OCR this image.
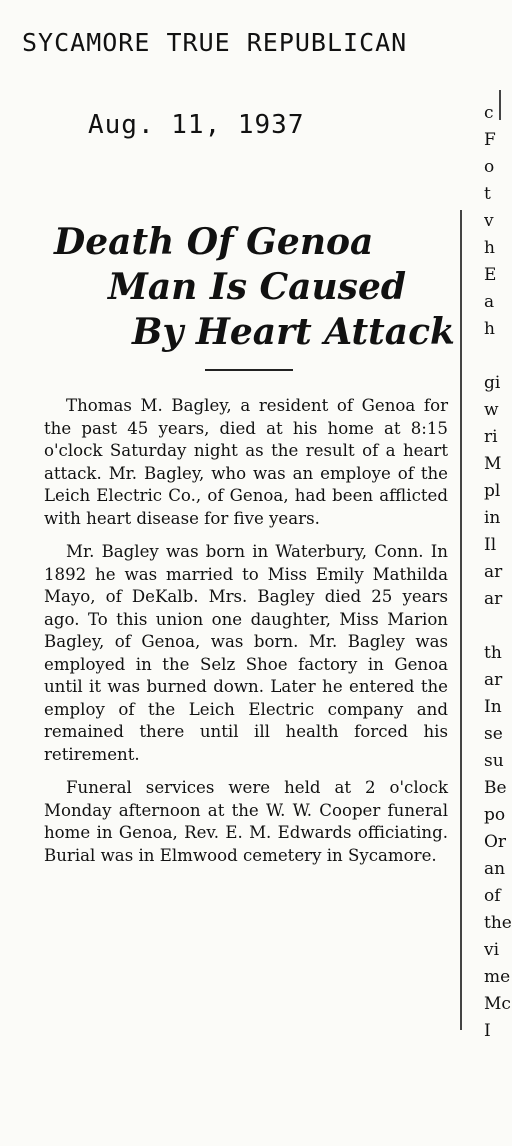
SYCAMORE TRUE REPUBLICAN
Aug. 11, 1937
Death Of Genoa
Man Is Caused
By Heart Attack

Thomas M. Bagley, a resident of Genoa for the past 45 years, died at his home at 8:15 o'clock Saturday night as the result of a heart attack. Mr. Bagley, who was an employe of the Leich Electric Co., of Genoa, had been afflicted with heart disease for five years.

Mr. Bagley was born in Waterbury, Conn. In 1892 he was married to Miss Emily Mathilda Mayo, of DeKalb. Mrs. Bagley died 25 years ago. To this union one daughter, Miss Marion Bagley, of Genoa, was born. Mr. Bagley was employed in the Selz Shoe factory in Genoa until it was burned down. Later he entered the employ of the Leich Electric company and remained there until ill health forced his retirement.

Funeral services were held at 2 o'clock Monday afternoon at the W. W. Cooper funeral home in Genoa, Rev. E. M. Edwards officiating. Burial was in Elmwood cemetery in Sycamore.

c
F
o
t
v
h
E
a
h
gi
w
ri
M
pl
in
Il
ar
ar
th
ar
In
se
su
Be
po
Or
an
of
the
vi
me
Mc
I
